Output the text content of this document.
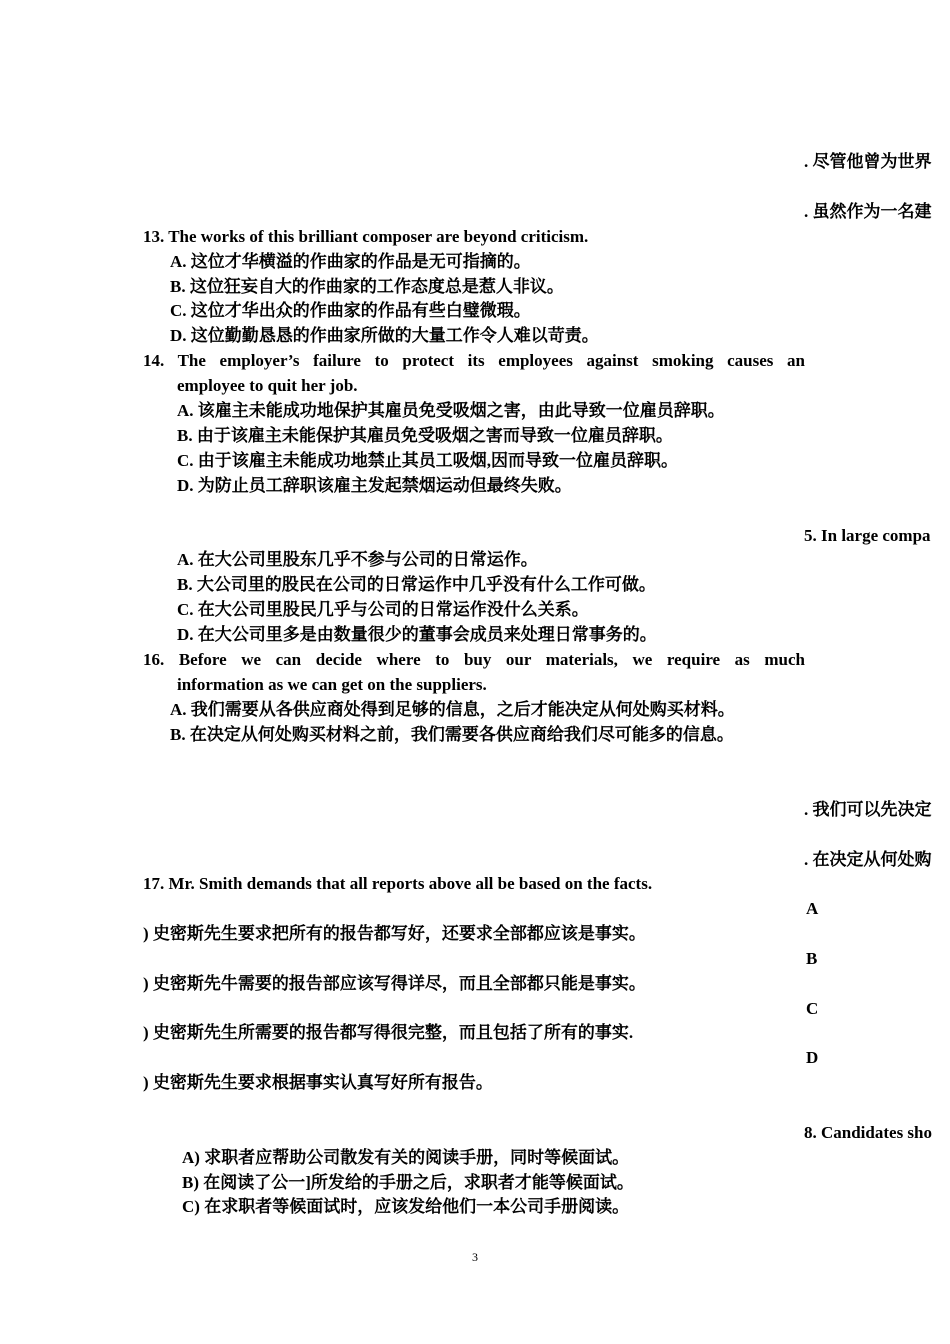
. 尽管他曾为世界
. 虽然作为一名建
5. In large compa
. 我们可以先决定
. 在决定从何处购
A
B
C
D
8. Candidates sho
13. The works of this brilliant composer are beyond criticism.
A. 这位才华横溢的作曲家的作品是无可指摘的。
B. 这位狂妄自大的作曲家的工作态度总是惹人非议。
C. 这位才华出众的作曲家的作品有些白璧微瑕。
D. 这位勤勤恳恳的作曲家所做的大量工作令人难以苛责。
14. The employer’s failure to protect its employees against smoking causes an
employee to quit her job.
A. 该雇主未能成功地保护其雇员免受吸烟之害，由此导致一位雇员辞职。
B. 由于该雇主未能保护其雇员免受吸烟之害而导致一位雇员辞职。
C. 由于该雇主未能成功地禁止其员工吸烟,因而导致一位雇员辞职。
D. 为防止员工辞职该雇主发起禁烟运动但最终失败。
A. 在大公司里股东几乎不参与公司的日常运作。
B. 大公司里的股民在公司的日常运作中几乎没有什么工作可做。
C. 在大公司里股民几乎与公司的日常运作没什么关系。
D. 在大公司里多是由数量很少的董事会成员来处理日常事务的。
16. Before we can decide where to buy our materials, we require as much
information as we can get on the suppliers.
A. 我们需要从各供应商处得到足够的信息，之后才能决定从何处购买材料。
B. 在决定从何处购买材料之前，我们需要各供应商给我们尽可能多的信息。
17. Mr. Smith demands that all reports above all be based on the facts.
) 史密斯先生要求把所有的报告都写好，还要求全部都应该是事实。
) 史密斯先牛需要的报告部应该写得详尽，而且全部都只能是事实。
) 史密斯先生所需要的报告都写得很完整，而且包括了所有的事实.
) 史密斯先生要求根据事实认真写好所有报告。
A) 求职者应帮助公司散发有关的阅读手册，同时等候面试。
B) 在阅读了公一]所发给的手册之后，求职者才能等候面试。
C) 在求职者等候面试时，应该发给他们一本公司手册阅读。
3
